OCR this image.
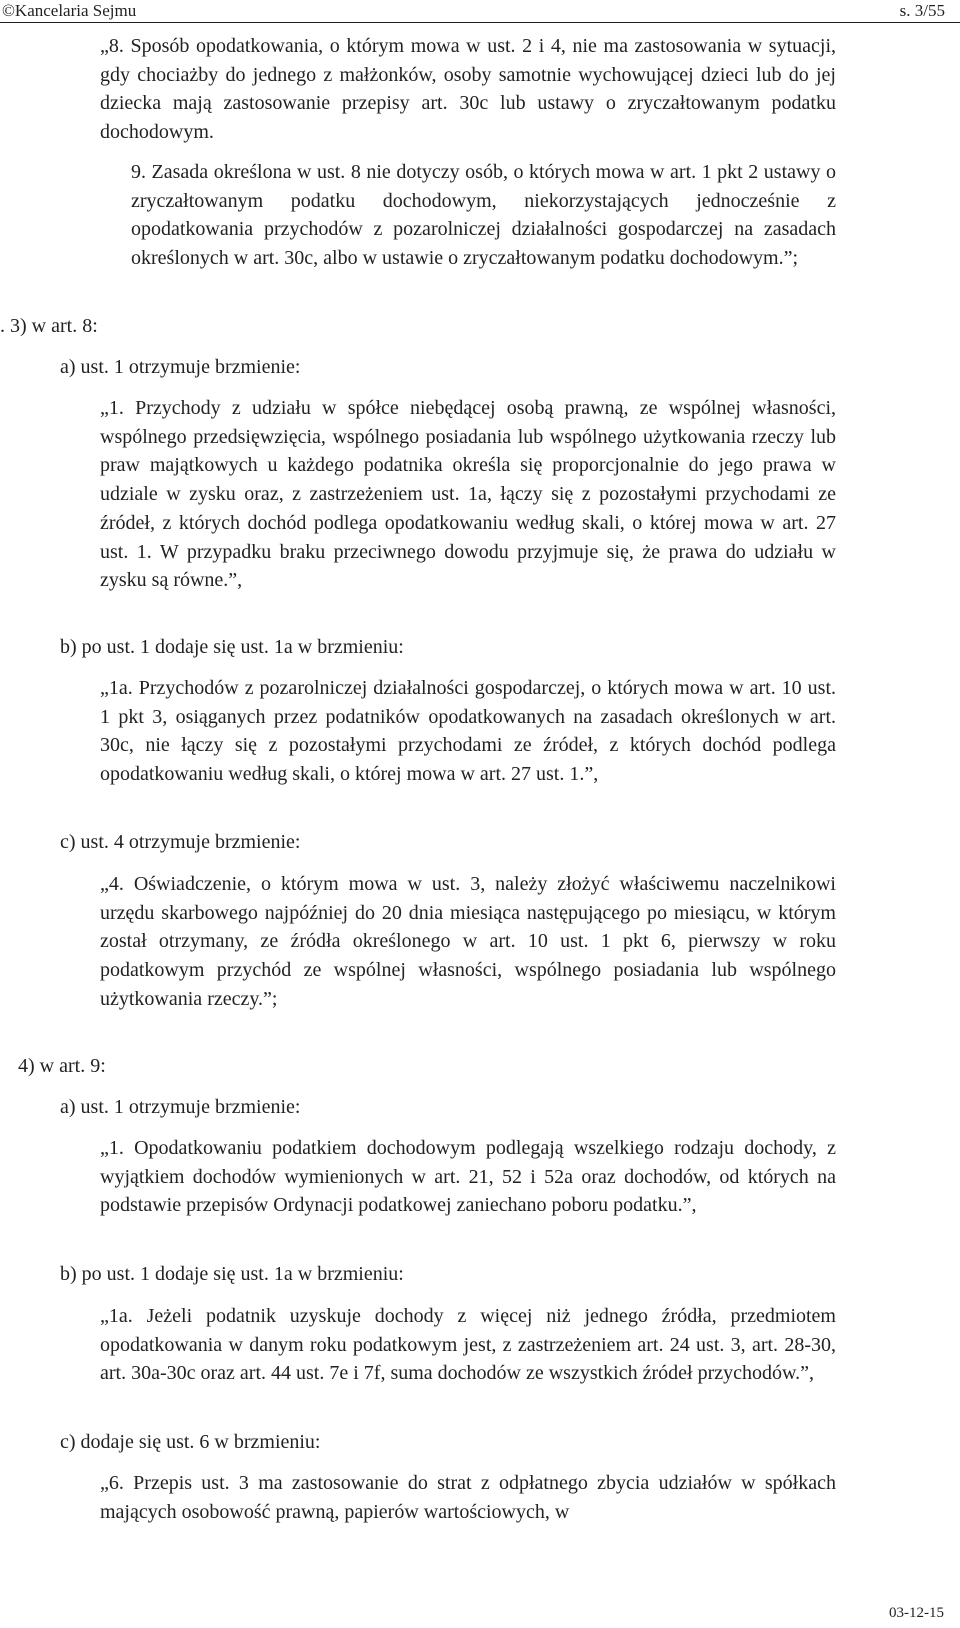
©Kancelaria Sejmu	s. 3/55

„8. Sposób opodatkowania, o którym mowa w ust. 2 i 4, nie ma zastosowania w sytuacji, gdy chociażby do jednego z małżonków, osoby samotnie wychowującej dzieci lub do jej dziecka mają zastosowanie przepisy art. 30c lub ustawy o zryczałtowanym podatku dochodowym.

9. Zasada określona w ust. 8 nie dotyczy osób, o których mowa w art. 1 pkt 2 ustawy o zryczałtowanym podatku dochodowym, niekorzystających jednocześnie z opodatkowania przychodów z pozarolniczej działalności gospodarczej na zasadach określonych w art. 30c, albo w ustawie o zryczałtowanym podatku dochodowym.”;

. 3) w art. 8:

a) ust. 1 otrzymuje brzmienie:

„1. Przychody z udziału w spółce niebędącej osobą prawną, ze wspólnej własności, wspólnego przedsięwzięcia, wspólnego posiadania lub wspólnego użytkowania rzeczy lub praw majątkowych u każdego podatnika określa się proporcjonalnie do jego prawa w udziale w zysku oraz, z zastrzeżeniem ust. 1a, łączy się z pozostałymi przychodami ze źródeł, z których dochód podlega opodatkowaniu według skali, o której mowa w art. 27 ust. 1. W przypadku braku przeciwnego dowodu przyjmuje się, że prawa do udziału w zysku są równe.”,

b) po ust. 1 dodaje się ust. 1a w brzmieniu:

„1a. Przychodów z pozarolniczej działalności gospodarczej, o których mowa w art. 10 ust. 1 pkt 3, osiąganych przez podatników opodatkowanych na zasadach określonych w art. 30c, nie łączy się z pozostałymi przychodami ze źródeł, z których dochód podlega opodatkowaniu według skali, o której mowa w art. 27 ust. 1.”,

c) ust. 4 otrzymuje brzmienie:

„4. Oświadczenie, o którym mowa w ust. 3, należy złożyć właściwemu naczelnikowi urzędu skarbowego najpóźniej do 20 dnia miesiąca następującego po miesiącu, w którym został otrzymany, ze źródła określonego w art. 10 ust. 1 pkt 6, pierwszy w roku podatkowym przychód ze wspólnej własności, wspólnego posiadania lub wspólnego użytkowania rzeczy.”;

4) w art. 9:

a) ust. 1 otrzymuje brzmienie:

„1. Opodatkowaniu podatkiem dochodowym podlegają wszelkiego rodzaju dochody, z wyjątkiem dochodów wymienionych w art. 21, 52 i 52a oraz dochodów, od których na podstawie przepisów Ordynacji podatkowej zaniechano poboru podatku.”,

b) po ust. 1 dodaje się ust. 1a w brzmieniu:

„1a. Jeżeli podatnik uzyskuje dochody z więcej niż jednego źródła, przedmiotem opodatkowania w danym roku podatkowym jest, z zastrzeżeniem art. 24 ust. 3, art. 28-30, art. 30a-30c oraz art. 44 ust. 7e i 7f, suma dochodów ze wszystkich źródeł przychodów.”,

c) dodaje się ust. 6 w brzmieniu:

„6. Przepis ust. 3 ma zastosowanie do strat z odpłatnego zbycia udziałów w spółkach mających osobowość prawną, papierów wartościowych, w

03-12-15
